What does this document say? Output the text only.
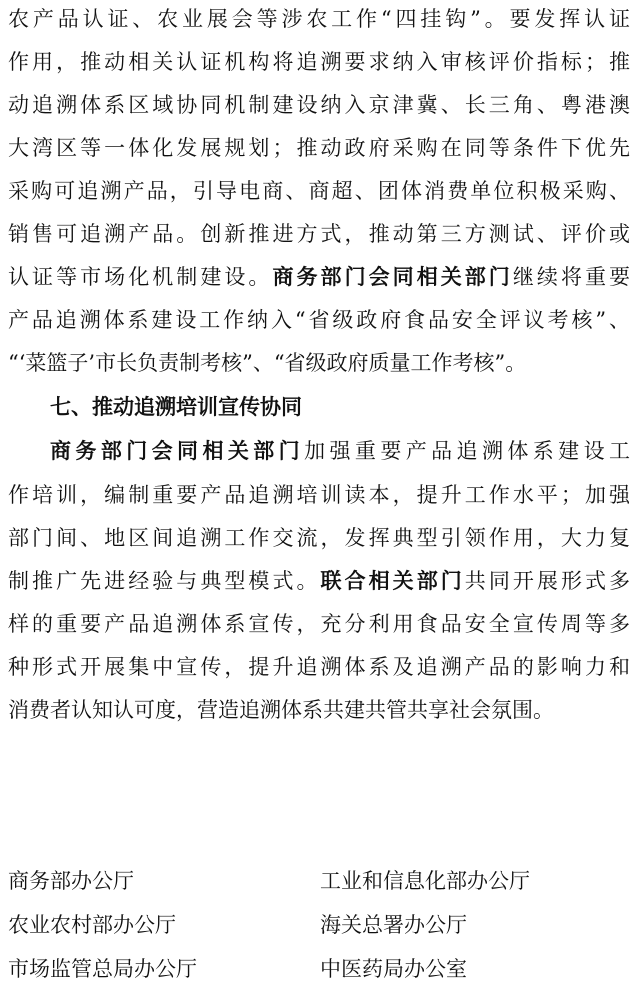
农产品认证、农业展会等涉农工作“四挂钩”。要发挥认证
作用，推动相关认证机构将追溯要求纳入审核评价指标；推
动追溯体系区域协同机制建设纳入京津冀、长三角、粤港澳
大湾区等一体化发展规划；推动政府采购在同等条件下优先
采购可追溯产品，引导电商、商超、团体消费单位积极采购、
销售可追溯产品。创新推进方式，推动第三方测试、评价或
认证等市场化机制建设。商务部门会同相关部门继续将重要
产品追溯体系建设工作纳入“省级政府食品安全评议考核”、
“‘菜篮子’市长负责制考核”、“省级政府质量工作考核”。
七、推动追溯培训宣传协同
商务部门会同相关部门加强重要产品追溯体系建设工
作培训，编制重要产品追溯培训读本，提升工作水平；加强
部门间、地区间追溯工作交流，发挥典型引领作用，大力复
制推广先进经验与典型模式。联合相关部门共同开展形式多
样的重要产品追溯体系宣传，充分利用食品安全宣传周等多
种形式开展集中宣传，提升追溯体系及追溯产品的影响力和
消费者认知认可度，营造追溯体系共建共管共享社会氛围。
商务部办公厅	工业和信息化部办公厅
农业农村部办公厅	海关总署办公厅
市场监管总局办公厅	中医药局办公室
